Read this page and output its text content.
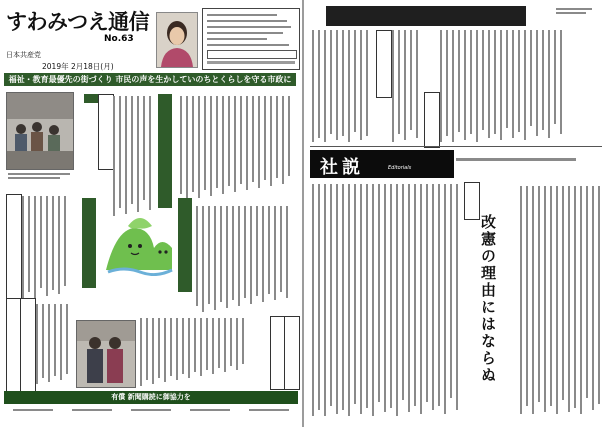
すわみつえ通信
No.63
日本共産党
2019年 2月18日(月)
福祉・教育最優先の街づくり 市民の声を生かしていのちとくらしを守る市政に

有償 新聞購読に御協力を
社説	Editorials
改憲の理由にはならぬ
